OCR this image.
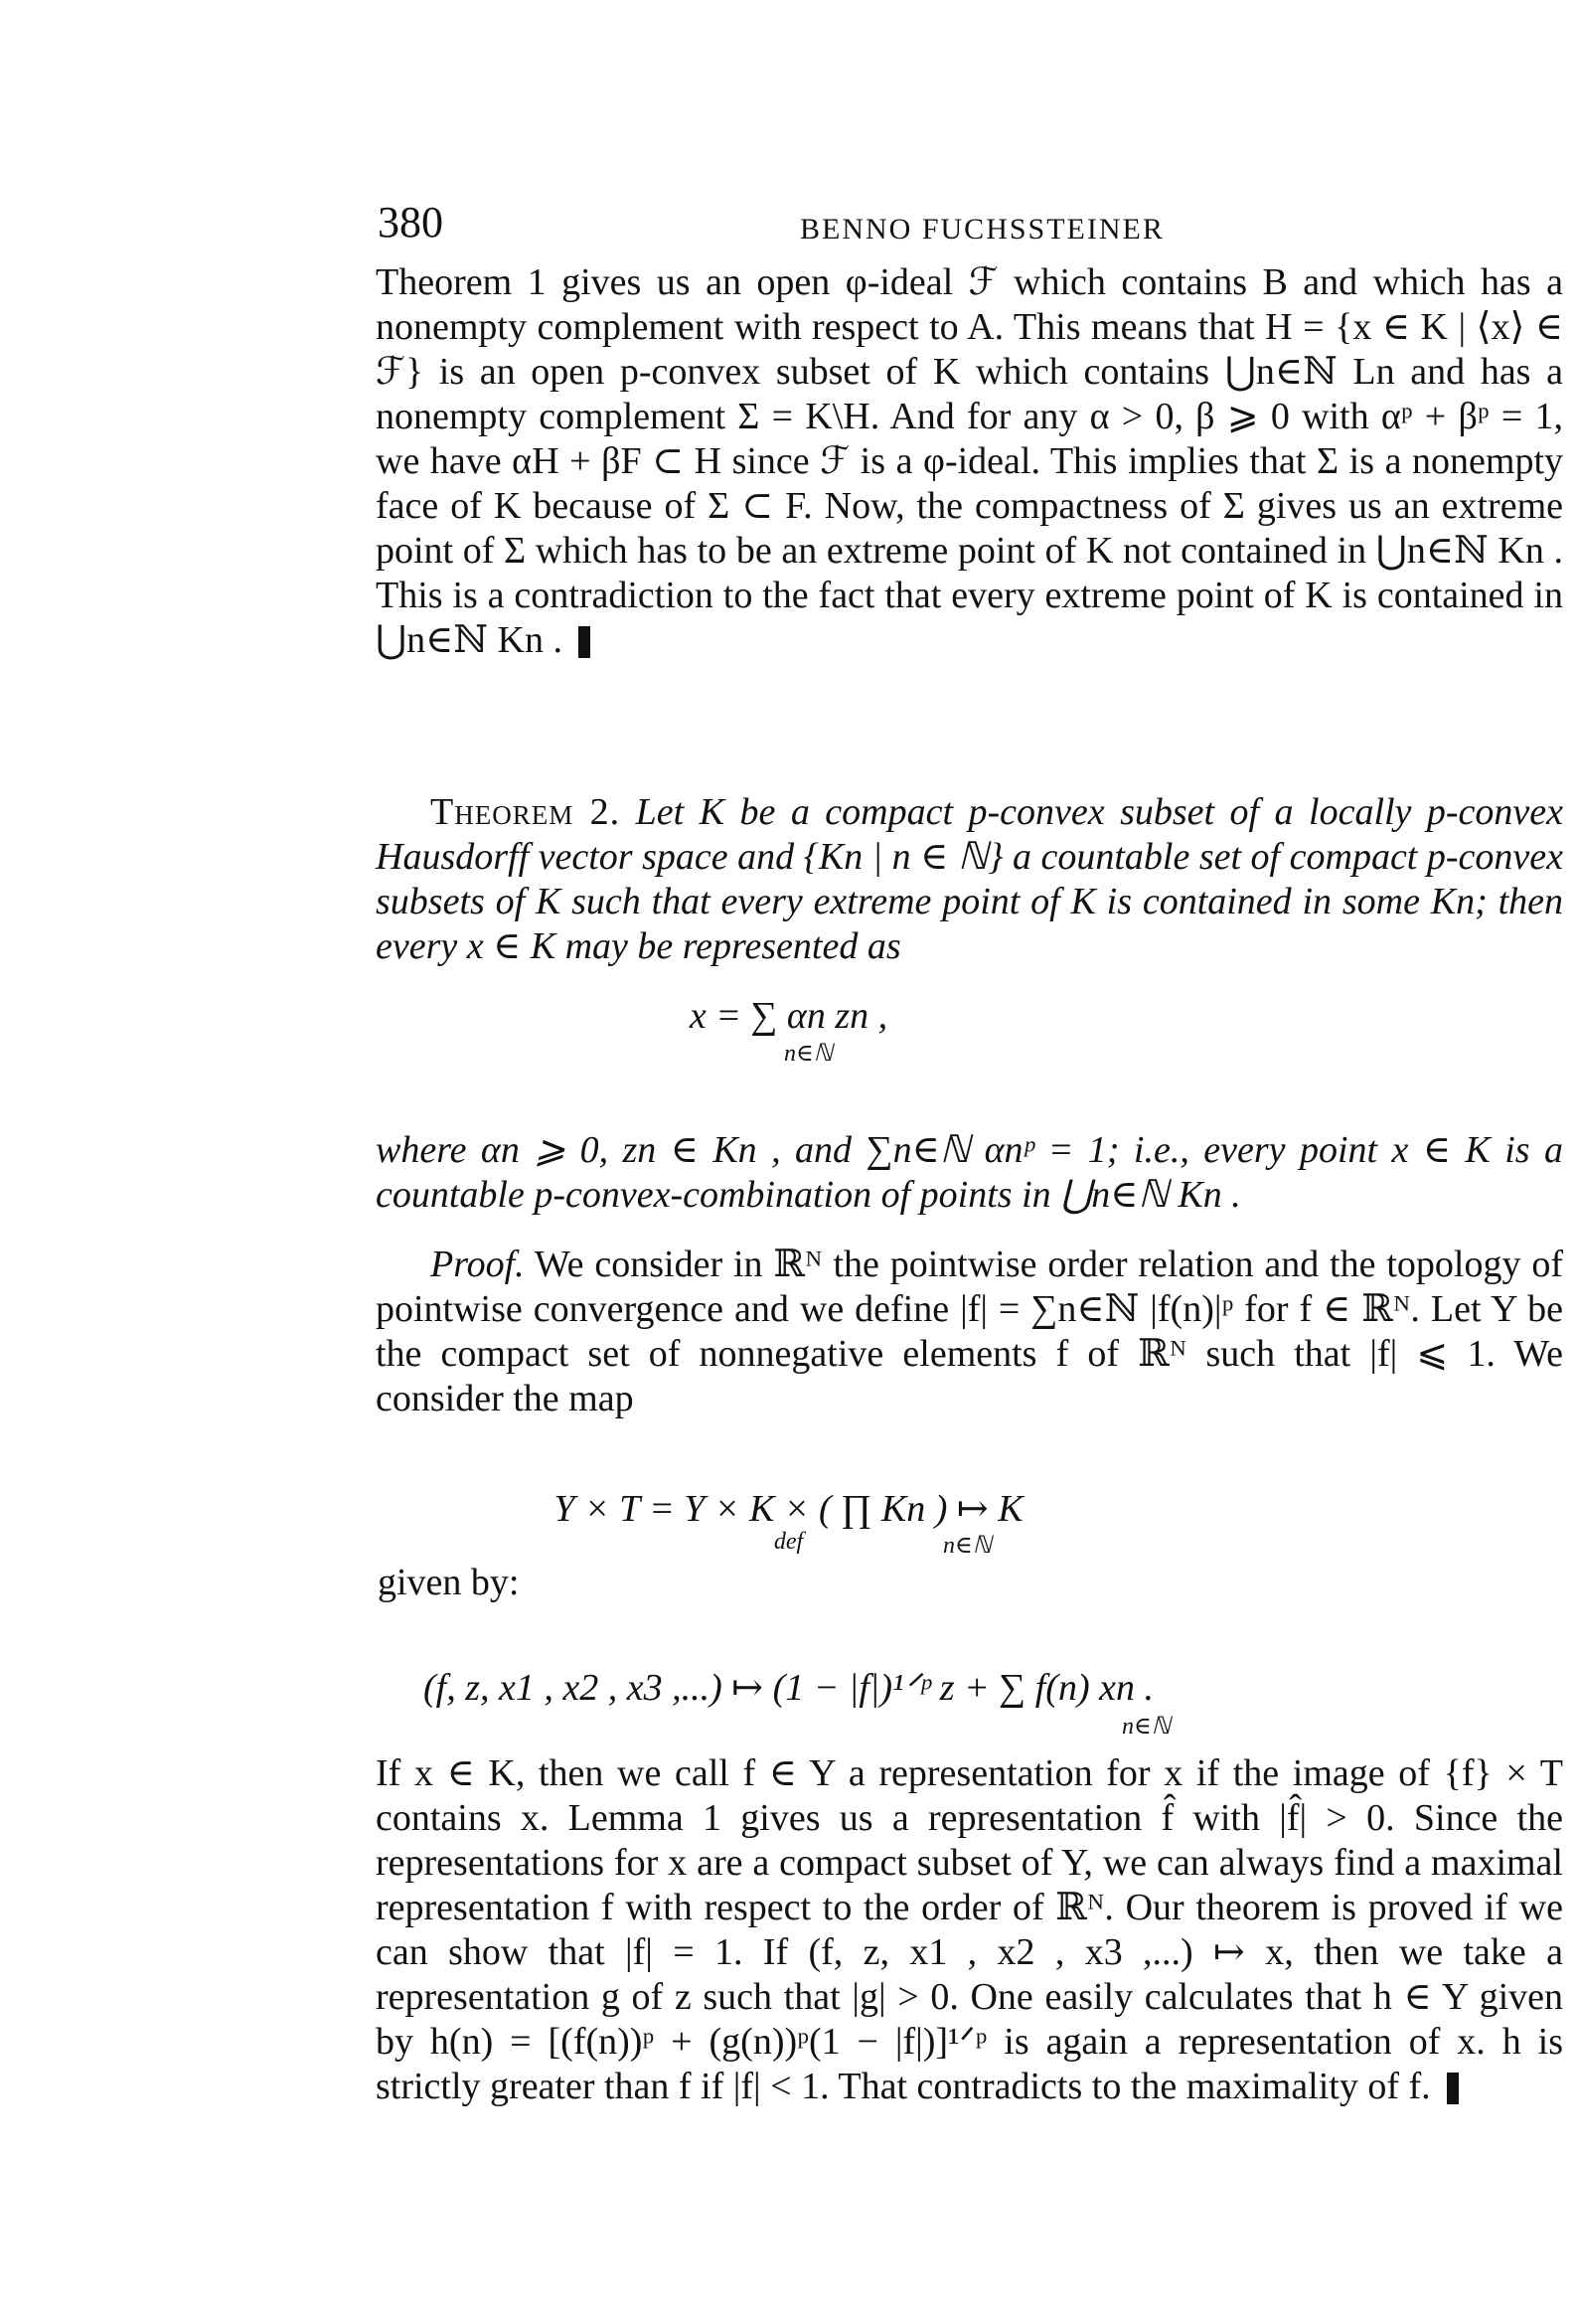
380	BENNO FUCHSSTEINER

Theorem 1 gives us an open φ-ideal ℱ which contains B and which has a nonempty complement with respect to A. This means that H = {x ∈ K | ⟨x⟩ ∈ ℱ} is an open p-convex subset of K which contains ⋃n∈ℕ Ln and has a nonempty complement Σ = K\H. And for any α > 0, β ⩾ 0 with αᵖ + βᵖ = 1, we have αH + βF ⊂ H since ℱ is a φ-ideal. This implies that Σ is a nonempty face of K because of Σ ⊂ F. Now, the compactness of Σ gives us an extreme point of Σ which has to be an extreme point of K not contained in ⋃n∈ℕ Kn . This is a contradiction to the fact that every extreme point of K is contained in ⋃n∈ℕ Kn .

Theorem 2. Let K be a compact p-convex subset of a locally p-convex Hausdorff vector space and {Kn | n ∈ ℕ} a countable set of compact p-convex subsets of K such that every extreme point of K is contained in some Kn; then every x ∈ K may be represented as

x = ∑ αn zn ,
n∈ℕ

where αn ⩾ 0, zn ∈ Kn , and ∑n∈ℕ αnᵖ = 1; i.e., every point x ∈ K is a countable p-convex-combination of points in ⋃n∈ℕ Kn .

Proof. We consider in ℝᴺ the pointwise order relation and the topology of pointwise convergence and we define |f| = ∑n∈ℕ |f(n)|ᵖ for f ∈ ℝᴺ. Let Y be the compact set of nonnegative elements f of ℝᴺ such that |f| ⩽ 1. We consider the map

Y × T = Y × K × ( ∏ Kn ) ↦ K
def	n∈ℕ
given by:
(f, z, x1 , x2 , x3 ,...) ↦ (1 − |f|)¹ᐟᵖ z + ∑ f(n) xn .
n∈ℕ

If x ∈ K, then we call f ∈ Y a representation for x if the image of {f} × T contains x. Lemma 1 gives us a representation f̂ with |f̂| > 0. Since the representations for x are a compact subset of Y, we can always find a maximal representation f with respect to the order of ℝᴺ. Our theorem is proved if we can show that |f| = 1. If (f, z, x1 , x2 , x3 ,...) ↦ x, then we take a representation g of z such that |g| > 0. One easily calculates that h ∈ Y given by h(n) = [(f(n))ᵖ + (g(n))ᵖ(1 − |f|)]¹ᐟᵖ is again a representation of x. h is strictly greater than f if |f| < 1. That contradicts to the maximality of f.
